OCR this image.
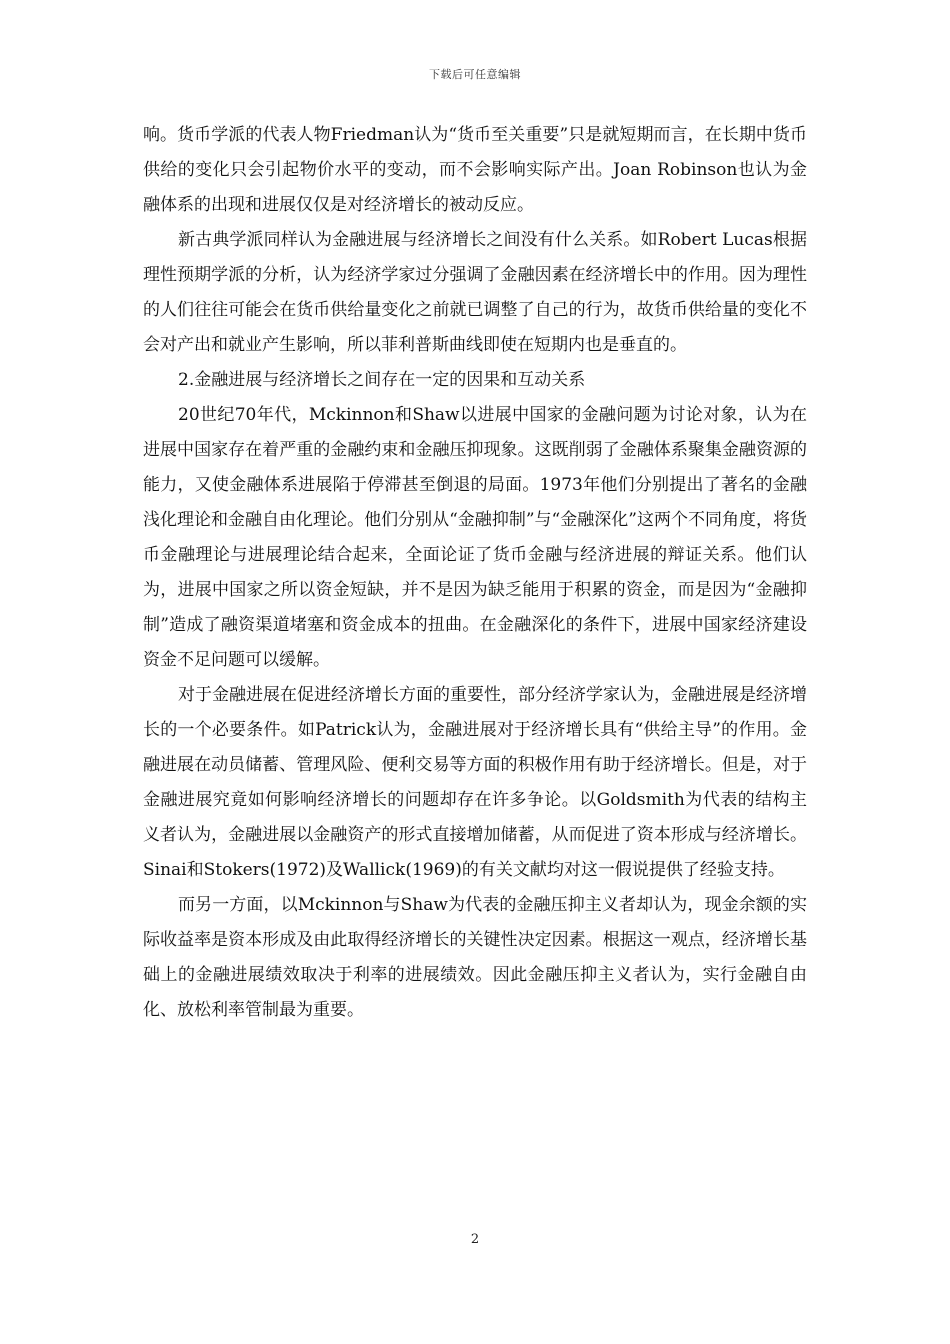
下载后可任意编辑

响。货币学派的代表人物Friedman认为“货币至关重要”只是就短期而言，在长期中货币供给的变化只会引起物价水平的变动，而不会影响实际产出。Joan Robinson也认为金融体系的出现和进展仅仅是对经济增长的被动反应。

新古典学派同样认为金融进展与经济增长之间没有什么关系。如Robert Lucas根据理性预期学派的分析，认为经济学家过分强调了金融因素在经济增长中的作用。因为理性的人们往往可能会在货币供给量变化之前就已调整了自己的行为，故货币供给量的变化不会对产出和就业产生影响，所以菲利普斯曲线即使在短期内也是垂直的。

2.金融进展与经济增长之间存在一定的因果和互动关系

20世纪70年代，Mckinnon和Shaw以进展中国家的金融问题为讨论对象，认为在进展中国家存在着严重的金融约束和金融压抑现象。这既削弱了金融体系聚集金融资源的能力，又使金融体系进展陷于停滞甚至倒退的局面。1973年他们分别提出了著名的金融浅化理论和金融自由化理论。他们分别从“金融抑制”与“金融深化”这两个不同角度，将货币金融理论与进展理论结合起来，全面论证了货币金融与经济进展的辩证关系。他们认为，进展中国家之所以资金短缺，并不是因为缺乏能用于积累的资金，而是因为“金融抑制”造成了融资渠道堵塞和资金成本的扭曲。在金融深化的条件下，进展中国家经济建设资金不足问题可以缓解。

对于金融进展在促进经济增长方面的重要性，部分经济学家认为，金融进展是经济增长的一个必要条件。如Patrick认为，金融进展对于经济增长具有“供给主导”的作用。金融进展在动员储蓄、管理风险、便利交易等方面的积极作用有助于经济增长。但是，对于金融进展究竟如何影响经济增长的问题却存在许多争论。以Goldsmith为代表的结构主义者认为，金融进展以金融资产的形式直接增加储蓄，从而促进了资本形成与经济增长。Sinai和Stokers(1972)及Wallick(1969)的有关文献均对这一假说提供了经验支持。

而另一方面，以Mckinnon与Shaw为代表的金融压抑主义者却认为，现金余额的实际收益率是资本形成及由此取得经济增长的关键性决定因素。根据这一观点，经济增长基础上的金融进展绩效取决于利率的进展绩效。因此金融压抑主义者认为，实行金融自由化、放松利率管制最为重要。

2
